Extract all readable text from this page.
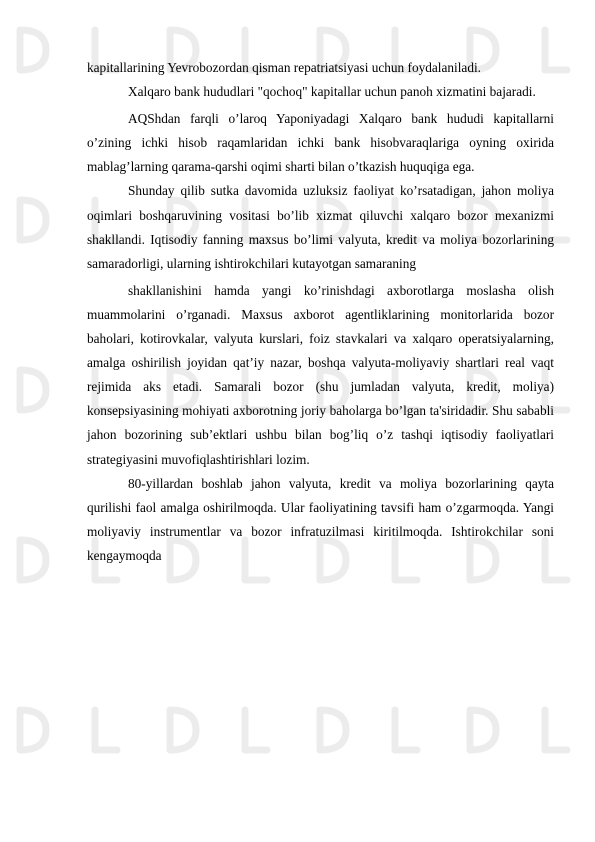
kapitallarining Yevrobozordan qisman repatriatsiyasi uchun foydalaniladi.

Xalqaro bank hududlari "qochoq" kapitallar uchun panoh xizmatini bajaradi.

AQShdan farqli o’laroq Yaponiyadagi Xalqaro bank hududi kapitallarni o’zining ichki hisob raqamlaridan ichki bank hisobvaraqlariga oyning oxirida mablag’larning qarama-qarshi oqimi sharti bilan o’tkazish huquqiga ega.

Shunday qilib sutka davomida uzluksiz faoliyat ko’rsatadigan, jahon moliya oqimlari boshqaruvining vositasi bo’lib xizmat qiluvchi xalqaro bozor mexanizmi shakllandi. Iqtisodiy fanning maxsus bo’limi valyuta, kredit va moliya bozorlarining samaradorligi, ularning ishtirokchilari kutayotgan samaraning

shakllanishini hamda yangi ko’rinishdagi axborotlarga moslasha olish muammolarini o’rganadi. Maxsus axborot agentliklarining monitorlarida bozor baholari, kotirovkalar, valyuta kurslari, foiz stavkalari va xalqaro operatsiyalarning, amalga oshirilish joyidan qat’iy nazar, boshqa valyuta-moliyaviy shartlari real vaqt rejimida aks etadi. Samarali bozor (shu jumladan valyuta, kredit, moliya) konsepsiyasining mohiyati axborotning joriy baholarga bo’lgan ta'siridadir. Shu sababli jahon bozorining sub’ektlari ushbu bilan bog’liq o’z tashqi iqtisodiy faoliyatlari strategiyasini muvofiqlashtirishlari lozim.

80-yillardan boshlab jahon valyuta, kredit va moliya bozorlarining qayta qurilishi faol amalga oshirilmoqda. Ular faoliyatining tavsifi ham o’zgarmoqda. Yangi moliyaviy instrumentlar va bozor infratuzilmasi kiritilmoqda. Ishtirokchilar soni kengaymoqda
